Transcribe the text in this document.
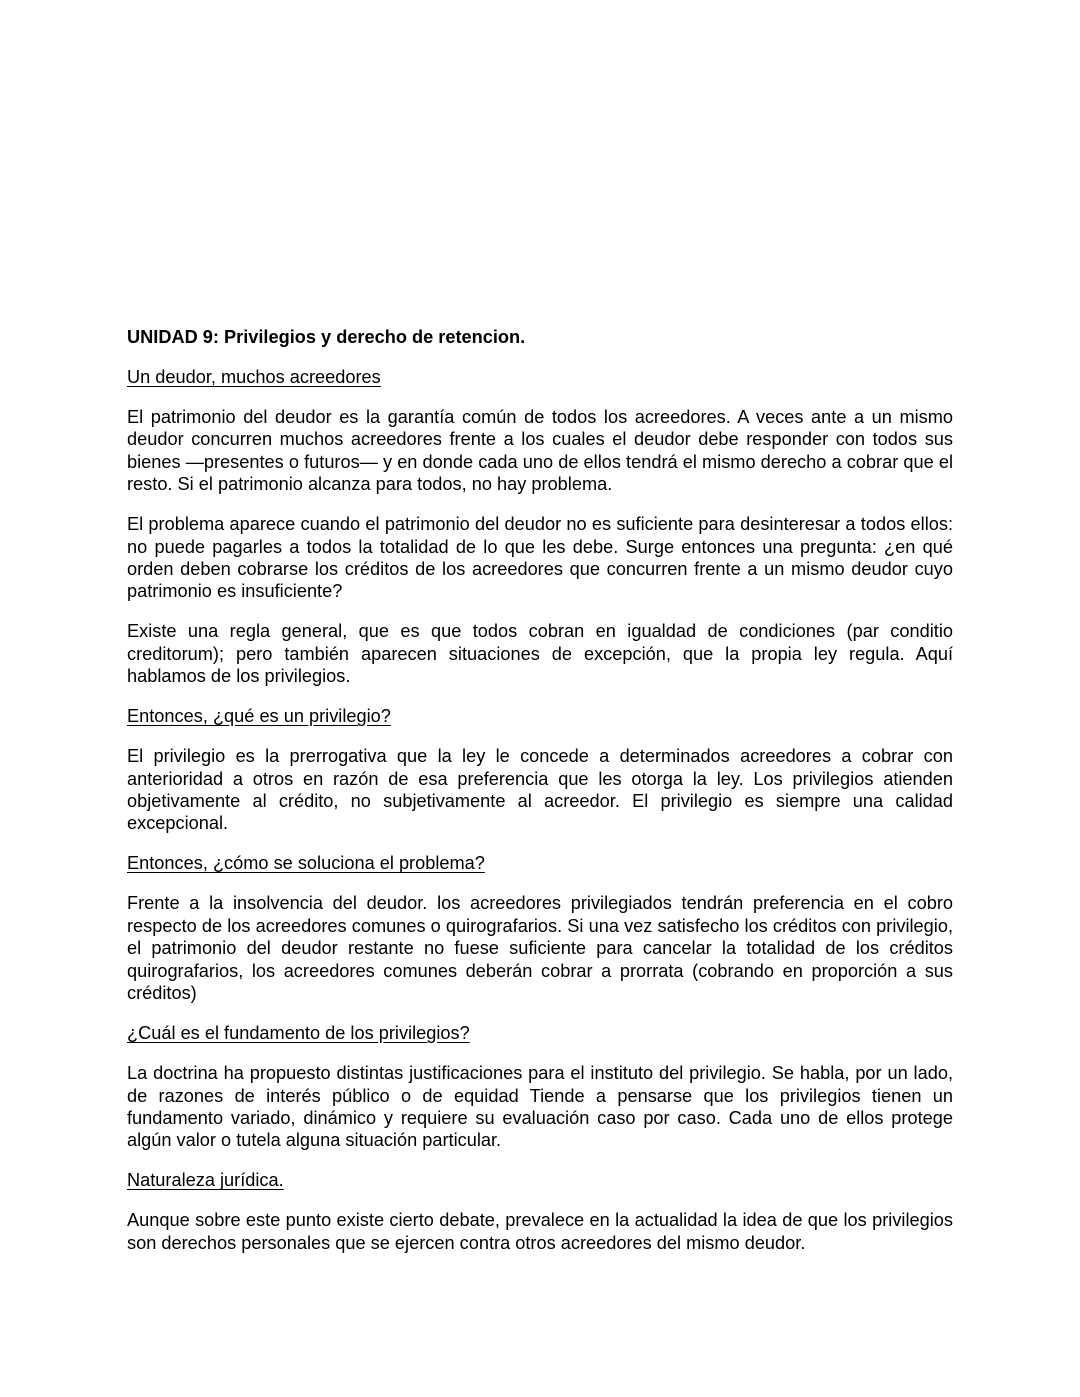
UNIDAD 9: Privilegios y derecho de retencion.
Un deudor, muchos acreedores
El patrimonio del deudor es la garantía común de todos los acreedores. A veces ante a un mismo deudor concurren muchos acreedores frente a los cuales el deudor debe responder con todos sus bienes —presentes o futuros— y en donde cada uno de ellos tendrá el mismo derecho a cobrar que el resto. Si el patrimonio alcanza para todos, no hay problema.
El problema aparece cuando el patrimonio del deudor no es suficiente para desinteresar a todos ellos: no puede pagarles a todos la totalidad de lo que les debe. Surge entonces una pregunta: ¿en qué orden deben cobrarse los créditos de los acreedores que concurren frente a un mismo deudor cuyo patrimonio es insuficiente?
Existe una regla general, que es que todos cobran en igualdad de condiciones (par conditio creditorum); pero también aparecen situaciones de excepción, que la propia ley regula. Aquí hablamos de los privilegios.
Entonces, ¿qué es un privilegio?
El privilegio es la prerrogativa que la ley le concede a determinados acreedores a cobrar con anterioridad a otros en razón de esa preferencia que les otorga la ley. Los privilegios atienden objetivamente al crédito, no subjetivamente al acreedor. El privilegio es siempre una calidad excepcional.
Entonces, ¿cómo se soluciona el problema?
Frente a la insolvencia del deudor. los acreedores privilegiados tendrán preferencia en el cobro respecto de los acreedores comunes o quirografarios. Si una vez satisfecho los créditos con privilegio, el patrimonio del deudor restante no fuese suficiente para cancelar la totalidad de los créditos quirografarios, los acreedores comunes deberán cobrar a prorrata (cobrando en proporción a sus créditos)
¿Cuál es el fundamento de los privilegios?
La doctrina ha propuesto distintas justificaciones para el instituto del privilegio. Se habla, por un lado, de razones de interés público o de equidad Tiende a pensarse que los privilegios tienen un fundamento variado, dinámico y requiere su evaluación caso por caso. Cada uno de ellos protege algún valor o tutela alguna situación particular.
Naturaleza jurídica.
Aunque sobre este punto existe cierto debate, prevalece en la actualidad la idea de que los privilegios son derechos personales que se ejercen contra otros acreedores del mismo deudor.
